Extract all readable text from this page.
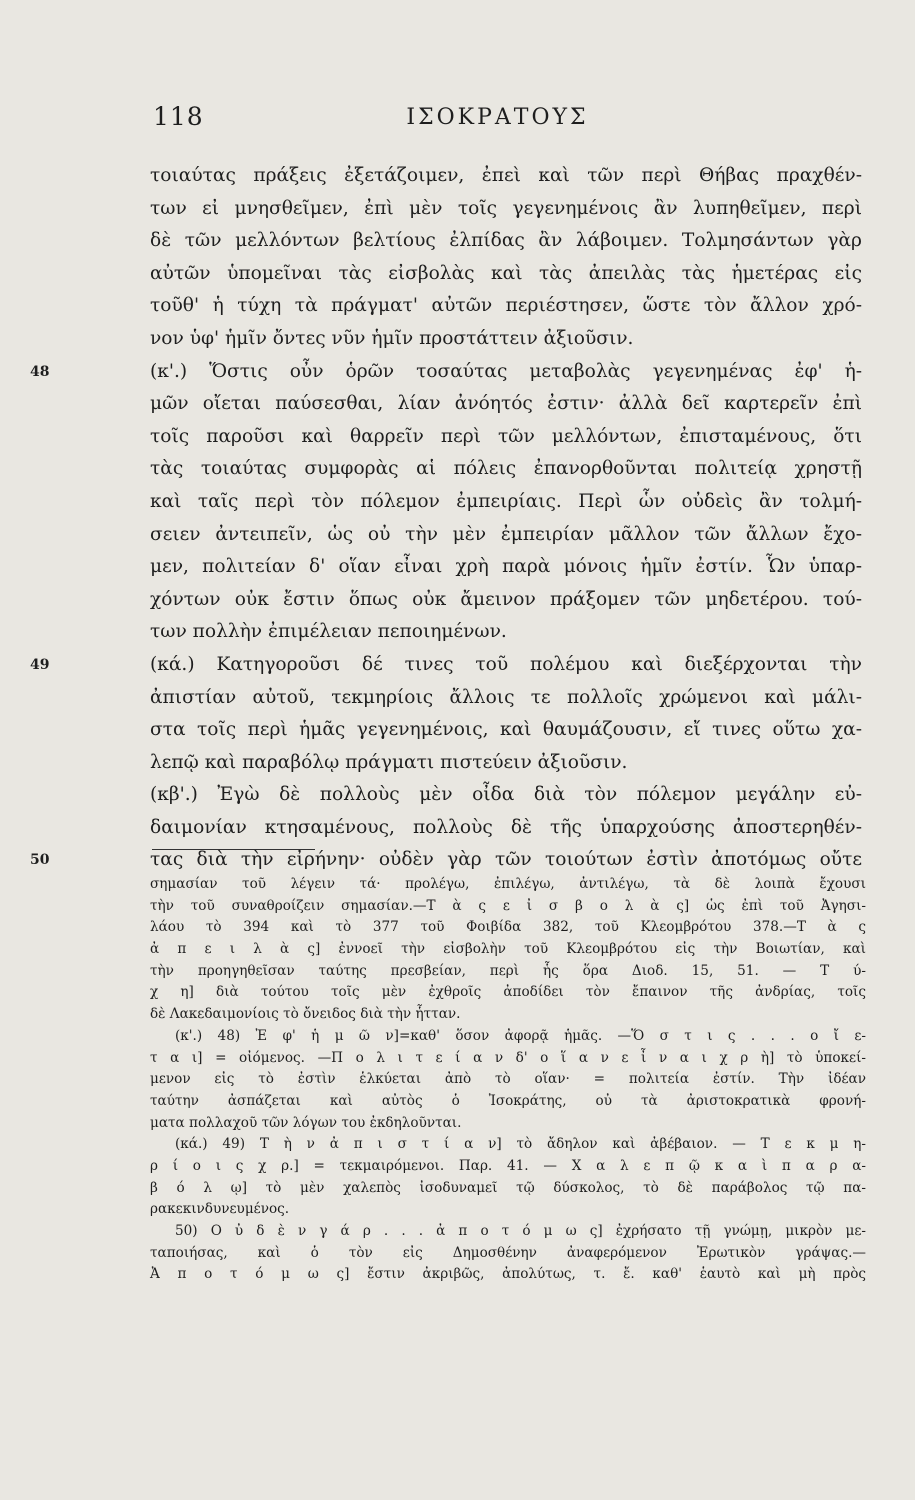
118	ΙΣΟΚΡΑΤΟΥΣ
τοιαύτας πράξεις ἐξετάζοιμεν, ἐπεὶ καὶ τῶν περὶ Θήβας πραχθέν-
των εἰ μνησθεῖμεν, ἐπὶ μὲν τοῖς γεγενημένοις ἂν λυπηθεῖμεν, περὶ
δὲ τῶν μελλόντων βελτίους ἐλπίδας ἂν λάβοιμεν. Τολμησάντων γὰρ
αὐτῶν ὑπομεῖναι τὰς εἰσβολὰς καὶ τὰς ἀπειλὰς τὰς ἡμετέρας εἰς
τοῦθ' ἡ τύχη τὰ πράγματ' αὐτῶν περιέστησεν, ὥστε τὸν ἄλλον χρό-
νον ὑφ' ἡμῖν ὄντες νῦν ἡμῖν προστάττειν ἀξιοῦσιν.
48	(κ'.) Ὅστις οὖν ὁρῶν τοσαύτας μεταβολὰς γεγενημένας ἐφ' ἡ-
μῶν οἴεται παύσεσθαι, λίαν ἀνόητός ἐστιν· ἀλλὰ δεῖ καρτερεῖν ἐπὶ
τοῖς παροῦσι καὶ θαρρεῖν περὶ τῶν μελλόντων, ἐπισταμένους, ὅτι
τὰς τοιαύτας συμφορὰς αἱ πόλεις ἐπανορθοῦνται πολιτείᾳ χρηστῇ
καὶ ταῖς περὶ τὸν πόλεμον ἐμπειρίαις. Περὶ ὧν οὐδεὶς ἂν τολμή-
σειεν ἀντειπεῖν, ὡς οὐ τὴν μὲν ἐμπειρίαν μᾶλλον τῶν ἄλλων ἔχο-
μεν, πολιτείαν δ' οἵαν εἶναι χρὴ παρὰ μόνοις ἡμῖν ἐστίν. Ὧν ὑπαρ-
χόντων οὐκ ἔστιν ὅπως οὐκ ἄμεινον πράξομεν τῶν μηδετέρου. τού-
των πολλὴν ἐπιμέλειαν πεποιημένων.
49	(κά.) Κατηγοροῦσι δέ τινες τοῦ πολέμου καὶ διεξέρχονται τὴν
ἀπιστίαν αὐτοῦ, τεκμηρίοις ἄλλοις τε πολλοῖς χρώμενοι καὶ μάλι-
στα τοῖς περὶ ἡμᾶς γεγενημένοις, καὶ θαυμάζουσιν, εἴ τινες οὕτω χα-
λεπῷ καὶ παραβόλῳ πράγματι πιστεύειν ἀξιοῦσιν.
(κβ'.) Ἐγὼ δὲ πολλοὺς μὲν οἶδα διὰ τὸν πόλεμον μεγάλην εὐ-
δαιμονίαν κτησαμένους, πολλοὺς δὲ τῆς ὑπαρχούσης ἀποστερηθέν-
50	τας διὰ τὴν εἰρήνην· οὐδὲν γὰρ τῶν τοιούτων ἐστὶν ἀποτόμως οὔτε
σημασίαν τοῦ λέγειν τά· προλέγω, ἐπιλέγω, ἀντιλέγω, τὰ δὲ λοιπὰ ἔχουσι
τὴν τοῦ συναθροίζειν σημασίαν.—Τ ὰ ς ε ἰ σ β ο λ ὰ ς] ὡς ἐπὶ τοῦ Ἀγησι-
λάου τὸ 394 καὶ τὸ 377 τοῦ Φοιβίδα 382, τοῦ Κλεομβρότου 378.—Τ ὰ ς
ἀ π ε ι λ ὰ ς] ἐννοεῖ τὴν εἰσβολὴν τοῦ Κλεομβρότου εἰς τὴν Βοιωτίαν, καὶ
τὴν προηγηθεῖσαν ταύτης πρεσβείαν, περὶ ἧς ὅρα Διοδ. 15, 51. — Τ ύ-
χ η] διὰ τούτου τοῖς μὲν ἐχθροῖς ἀποδίδει τὸν ἔπαινον τῆς ἀνδρίας, τοῖς
δὲ Λακεδαιμονίοις τὸ ὄνειδος διὰ τὴν ἧτταν.
(κ'.) 48) Ἐ φ' ἡ μ ῶ ν]=καθ' ὅσον ἀφορᾷ ἡμᾶς. —Ὅ σ τ ι ς . . . ο ἴ ε-
τ α ι] = οἰόμενος. —Π ο λ ι τ ε ί α ν δ' ο ἵ α ν ε ἶ ν α ι χ ρ ὴ] τὸ ὑποκεί-
μενον εἰς τὸ ἐστὶν ἑλκύεται ἀπὸ τὸ οἵαν· = πολιτεία ἐστίν. Τὴν ἰδέαν
ταύτην ἀσπάζεται καὶ αὐτὸς ὁ Ἰσοκράτης, οὐ τὰ ἀριστοκρατικὰ φρονή-
ματα πολλαχοῦ τῶν λόγων του ἐκδηλοῦνται.
(κά.) 49) Τ ὴ ν ἀ π ι σ τ ί α ν] τὸ ἄδηλον καὶ ἀβέβαιον. — Τ ε κ μ η-
ρ ί ο ι ς χ ρ.] = τεκμαιρόμενοι. Παρ. 41. — Χ α λ ε π ῷ κ α ὶ π α ρ α-
β ό λ ῳ] τὸ μὲν χαλεπὸς ἰσοδυναμεῖ τῷ δύσκολος, τὸ δὲ παράβολος τῷ πα-
ρακεκινδυνευμένος.
50) Ο ὐ δ ὲ ν γ ά ρ . . . ἀ π ο τ ό μ ω ς] ἐχρήσατο τῇ γνώμῃ, μικρὸν με-
ταποιήσας, καὶ ὁ τὸν εἰς Δημοσθένην ἀναφερόμενον Ἐρωτικὸν γράψας.—
Ἀ π ο τ ό μ ω ς] ἔστιν ἀκριβῶς, ἀπολύτως, τ. ἔ. καθ' ἑαυτὸ καὶ μὴ πρὸς
